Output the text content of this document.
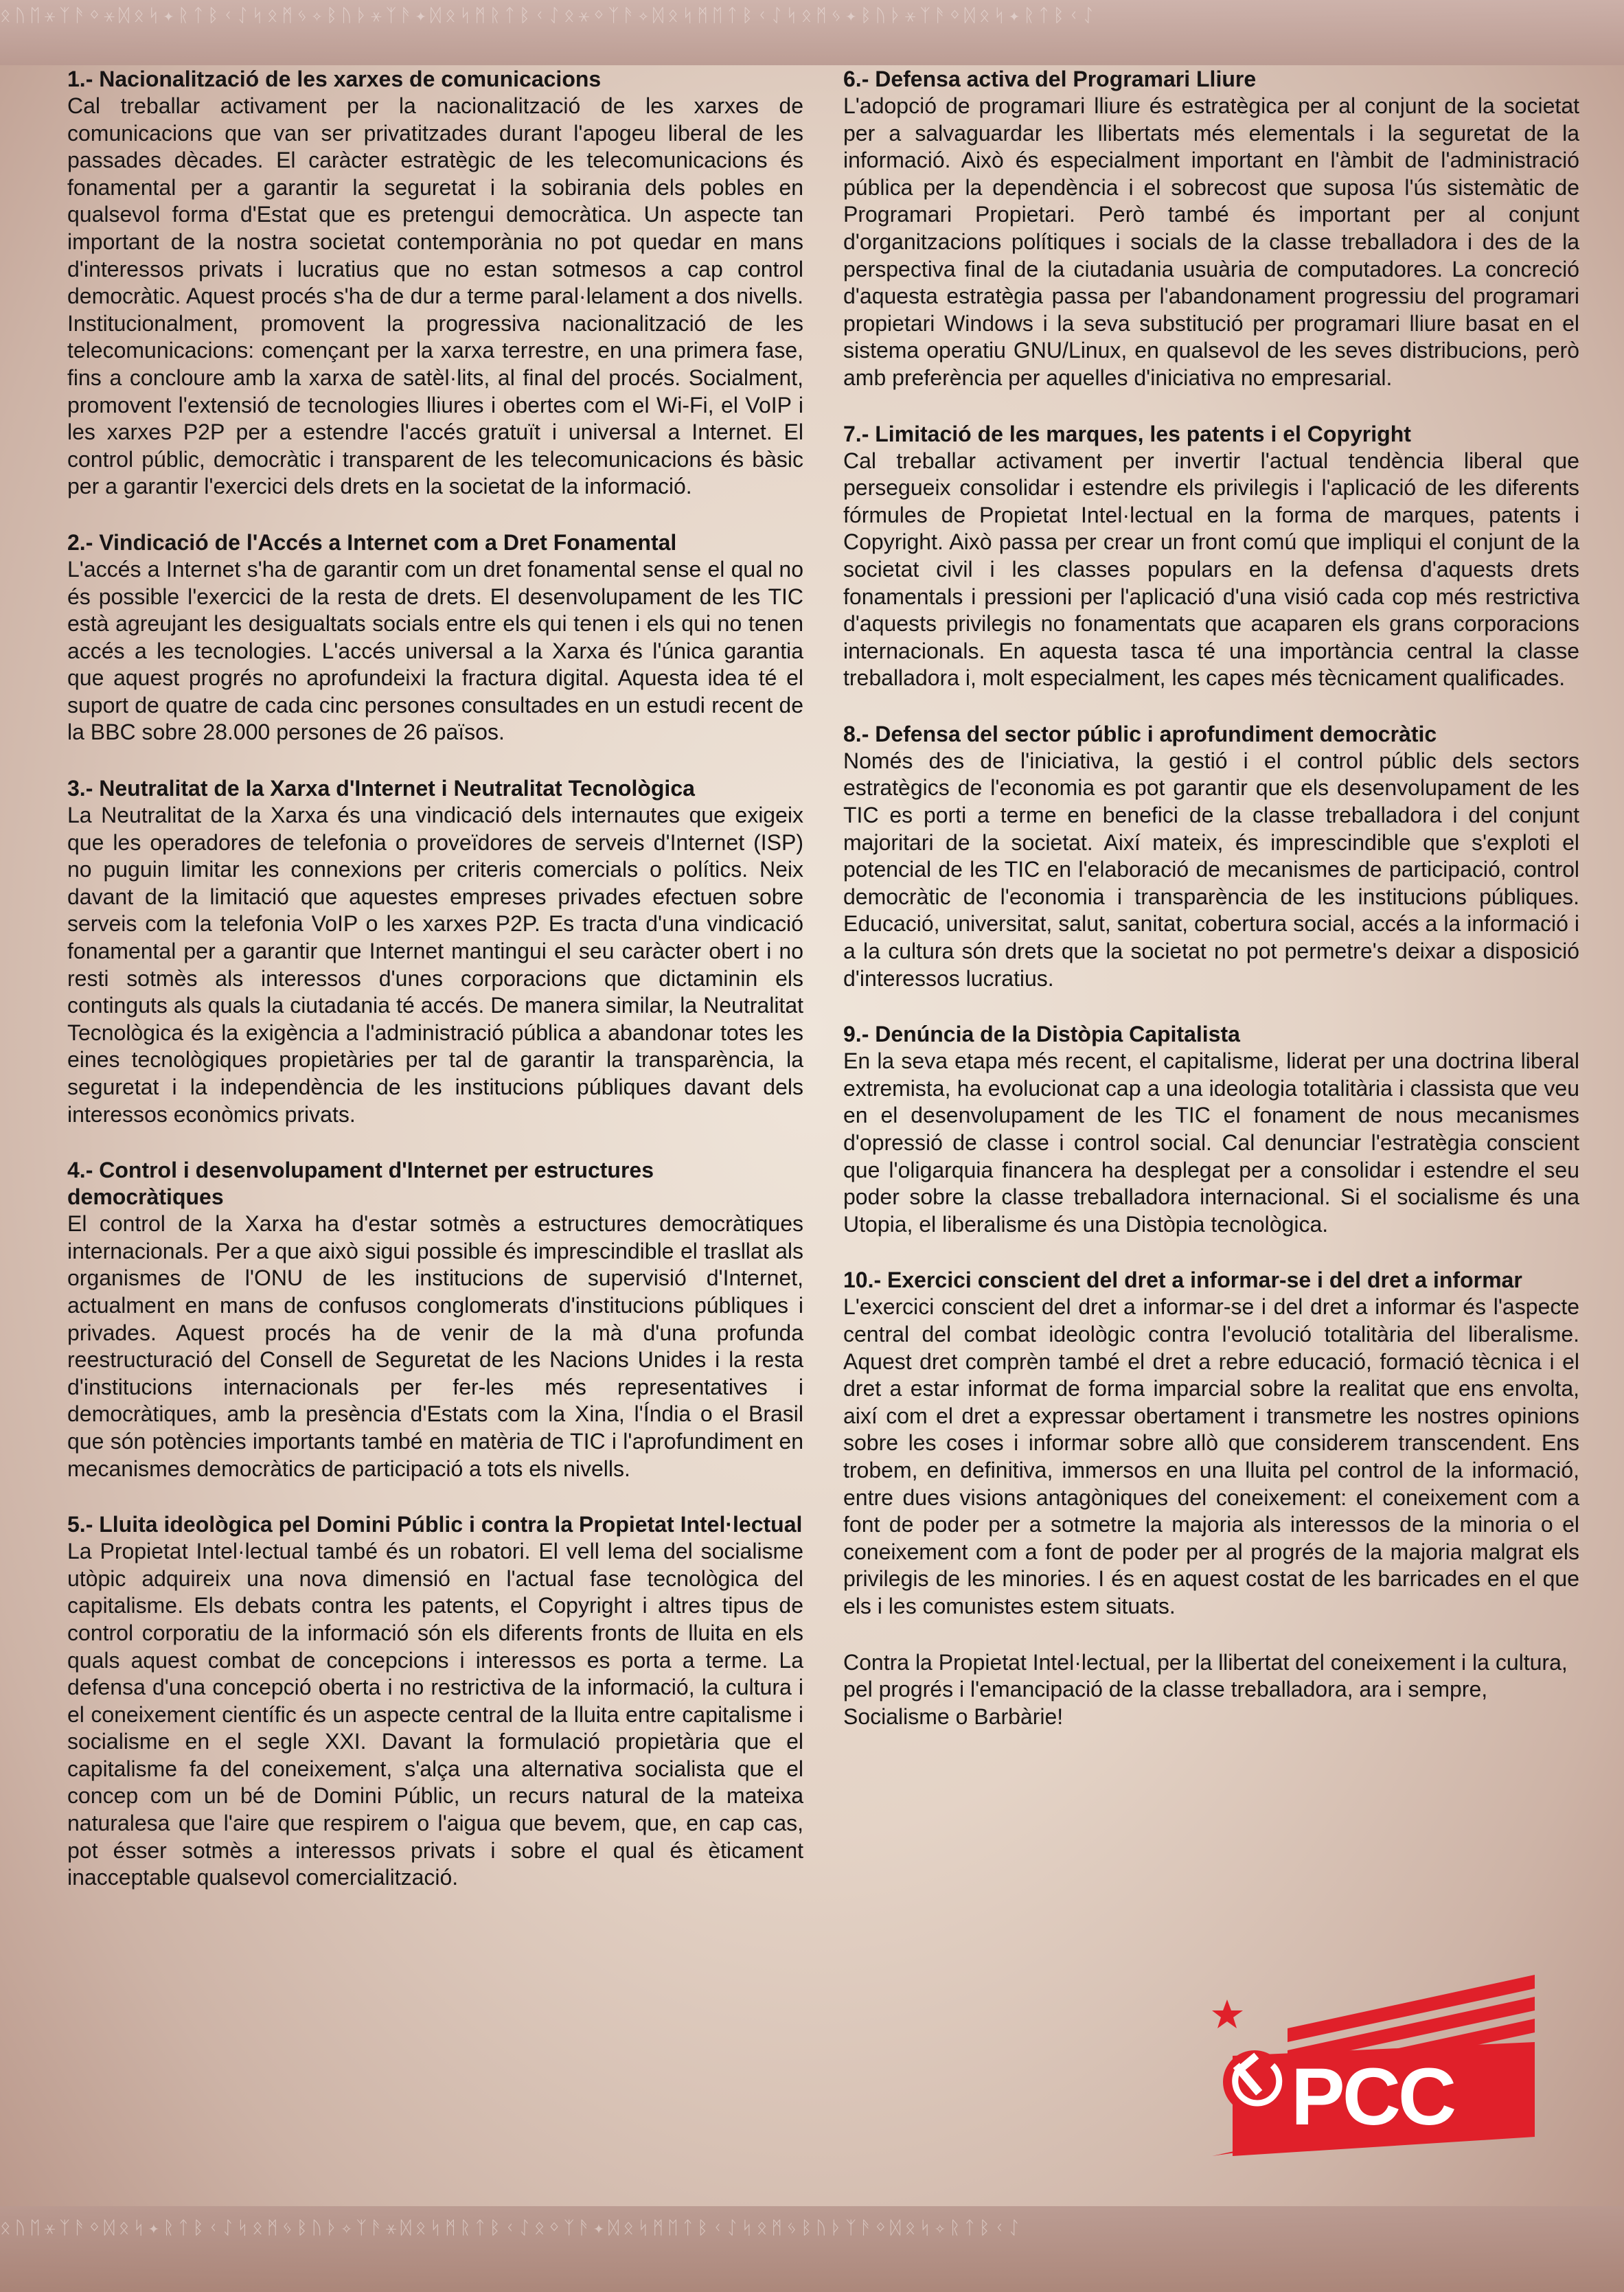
ᛟᚢᛖ⚹ᛉᚫᛜ⚹ᛞᛟᛋ✦ᚱᛏᛒᚲᛇᛋᛟᛗᛃ✧ᛒᚢᚦ⚹ᛉᚫ✦ᛞᛟᛋᛗᚱᛏᛒᚲᛇᛟ⚹ᛜᛉᚫ✧ᛞᛟᛋᛗᛖᛏᛒᚲᛇᛋᛟᛗᛃ✦ᛒᚢᚦ⚹ᛉᚫᛜᛞᛟᛋ✦ᚱᛏᛒᚲᛇ
1.- Nacionalització de les xarxes de comunicacions

Cal treballar activament per la nacionalització de les xarxes de comunicacions que van ser privatitzades durant l'apogeu liberal de les passades dècades. El caràcter estratègic de les telecomunicacions és fonamental per a garantir la seguretat i la sobirania dels pobles en qualsevol forma d'Estat que es pretengui democràtica. Un aspecte tan important de la nostra societat contemporània no pot quedar en mans d'interessos privats i lucratius que no estan sotmesos a cap control democràtic. Aquest procés s'ha de dur a terme paral·lelament a dos nivells. Institucionalment, promovent la progressiva nacionalització de les telecomunicacions: començant per la xarxa terrestre, en una primera fase, fins a concloure amb la xarxa de satèl·lits, al final del procés. Socialment, promovent l'extensió de tecnologies lliures i obertes com el Wi-Fi, el VoIP i les xarxes P2P per a estendre l'accés gratuït i universal a Internet. El control públic, democràtic i transparent de les telecomunicacions és bàsic per a garantir l'exercici dels drets en la societat de la informació.

2.- Vindicació de l'Accés a Internet com a Dret Fonamental

L'accés a Internet s'ha de garantir com un dret fonamental sense el qual no és possible l'exercici de la resta de drets. El desenvolupament de les TIC està agreujant les desigualtats socials entre els qui tenen i els qui no tenen accés a les tecnologies. L'accés universal a la Xarxa és l'única garantia que aquest progrés no aprofundeixi la fractura digital. Aquesta idea té el suport de quatre de cada cinc persones consultades en un estudi recent de la BBC sobre 28.000 persones de 26 països.

3.- Neutralitat de la Xarxa d'Internet i Neutralitat Tecnològica

La Neutralitat de la Xarxa és una vindicació dels internautes que exigeix que les operadores de telefonia o proveïdores de serveis d'Internet (ISP) no puguin limitar les connexions per criteris comercials o polítics. Neix davant de la limitació que aquestes empreses privades efectuen sobre serveis com la telefonia VoIP o les xarxes P2P. Es tracta d'una vindicació fonamental per a garantir que Internet mantingui el seu caràcter obert i no resti sotmès als interessos d'unes corporacions que dictaminin els continguts als quals la ciutadania té accés. De manera similar, la Neutralitat Tecnològica és la exigència a l'administració pública a abandonar totes les eines tecnològiques propietàries per tal de garantir la transparència, la seguretat i la independència de les institucions públiques davant dels interessos econòmics privats.

4.- Control i desenvolupament d'Internet per estructures democràtiques

El control de la Xarxa ha d'estar sotmès a estructures democràtiques internacionals. Per a que això sigui possible és imprescindible el trasllat als organismes de l'ONU de les institucions de supervisió d'Internet, actualment en mans de confusos conglomerats d'institucions públiques i privades. Aquest procés ha de venir de la mà d'una profunda reestructuració del Consell de Seguretat de les Nacions Unides i la resta d'institucions internacionals per fer-les més representatives i democràtiques, amb la presència d'Estats com la Xina, l'Índia o el Brasil que són potències importants també en matèria de TIC i l'aprofundiment en mecanismes democràtics de participació a tots els nivells.

5.- Lluita ideològica pel Domini Públic i contra la Propietat Intel·lectual

La Propietat Intel·lectual també és un robatori. El vell lema del socialisme utòpic adquireix una nova dimensió en l'actual fase tecnològica del capitalisme. Els debats contra les patents, el Copyright i altres tipus de control corporatiu de la informació són els diferents fronts de lluita en els quals aquest combat de concepcions i interessos es porta a terme. La defensa d'una concepció oberta i no restrictiva de la informació, la cultura i el coneixement científic és un aspecte central de la lluita entre capitalisme i socialisme en el segle XXI. Davant la formulació propietària que el capitalisme fa del coneixement, s'alça una alternativa socialista que el concep com un bé de Domini Públic, un recurs natural de la mateixa naturalesa que l'aire que respirem o l'aigua que bevem, que, en cap cas, pot ésser sotmès a interessos privats i sobre el qual és èticament inacceptable qualsevol comercialització.

6.- Defensa activa del Programari Lliure

L'adopció de programari lliure és estratègica per al conjunt de la societat per a salvaguardar les llibertats més elementals i la seguretat de la informació. Això és especialment important en l'àmbit de l'administració pública per la dependència i el sobrecost que suposa l'ús sistemàtic de Programari Propietari. Però també és important per al conjunt d'organitzacions polítiques i socials de la classe treballadora i des de la perspectiva final de la ciutadania usuària de computadores. La concreció d'aquesta estratègia passa per l'abandonament progressiu del programari propietari Windows i la seva substitució per programari lliure basat en el sistema operatiu GNU/Linux, en qualsevol de les seves distribucions, però amb preferència per aquelles d'iniciativa no empresarial.

7.- Limitació de les marques, les patents i el Copyright

Cal treballar activament per invertir l'actual tendència liberal que persegueix consolidar i estendre els privilegis i l'aplicació de les diferents fórmules de Propietat Intel·lectual en la forma de marques, patents i Copyright. Això passa per crear un front comú que impliqui el conjunt de la societat civil i les classes populars en la defensa d'aquests drets fonamentals i pressioni per l'aplicació d'una visió cada cop més restrictiva d'aquests privilegis no fonamentats que acaparen els grans corporacions internacionals. En aquesta tasca té una importància central la classe treballadora i, molt especialment, les capes més tècnicament qualificades.

8.- Defensa del sector públic i aprofundiment democràtic

Només des de l'iniciativa, la gestió i el control públic dels sectors estratègics de l'economia es pot garantir que els desenvolupament de les TIC es porti a terme en benefici de la classe treballadora i del conjunt majoritari de la societat. Així mateix, és imprescindible que s'exploti el potencial de les TIC en l'elaboració de mecanismes de participació, control democràtic de l'economia i transparència de les institucions públiques. Educació, universitat, salut, sanitat, cobertura social, accés a la informació i a la cultura són drets que la societat no pot permetre's deixar a disposició d'interessos lucratius.

9.- Denúncia de la Distòpia Capitalista

En la seva etapa més recent, el capitalisme, liderat per una doctrina liberal extremista, ha evolucionat cap a una ideologia totalitària i classista que veu en el desenvolupament de les TIC el fonament de nous mecanismes d'opressió de classe i control social. Cal denunciar l'estratègia conscient que l'oligarquia financera ha desplegat per a consolidar i estendre el seu poder sobre la classe treballadora internacional. Si el socialisme és una Utopia, el liberalisme és una Distòpia tecnològica.

10.- Exercici conscient del dret a informar-se i del dret a informar

L'exercici conscient del dret a informar-se i del dret a informar és l'aspecte central del combat ideològic contra l'evolució totalitària del liberalisme. Aquest dret comprèn també el dret a rebre educació, formació tècnica i el dret a estar informat de forma imparcial sobre la realitat que ens envolta, així com el dret a expressar obertament i transmetre les nostres opinions sobre les coses i informar sobre allò que considerem transcendent. Ens trobem, en definitiva, immersos en una lluita pel control de la informació, entre dues visions antagòniques del coneixement: el coneixement com a font de poder per a sotmetre la majoria als interessos de la minoria o el coneixement com a font de poder per al progrés de la majoria malgrat els privilegis de les minories. I és en aquest costat de les barricades en el que els i les comunistes estem situats.

Contra la Propietat Intel·lectual, per la llibertat del coneixement i la cultura, pel progrés i l'emancipació de la classe treballadora, ara i sempre, Socialisme o Barbàrie!

PCC
ᛟᚢᛖ⚹ᛉᚫᛜᛞᛟᛋ✦ᚱᛏᛒᚲᛇᛋᛟᛗᛃᛒᚢᚦ✧ᛉᚫ⚹ᛞᛟᛋᛗᚱᛏᛒᚲᛇᛟᛜᛉᚫ✦ᛞᛟᛋᛗᛖᛏᛒᚲᛇᛋᛟᛗᛃᛒᚢᚦᛉᚫᛜᛞᛟᛋ✧ᚱᛏᛒᚲᛇ
